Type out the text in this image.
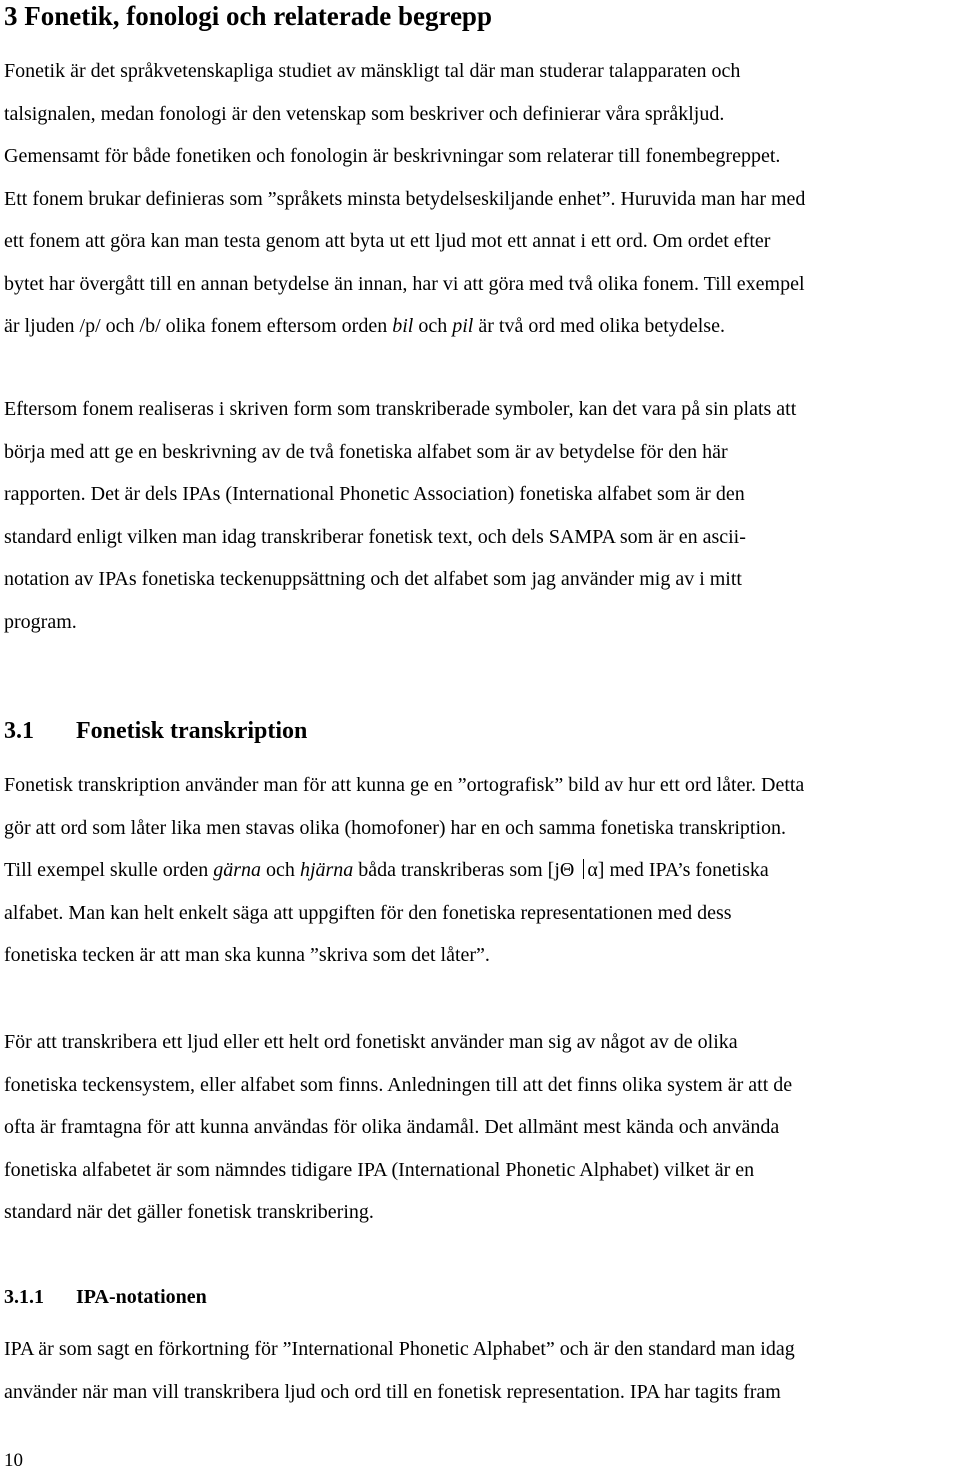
3 Fonetik, fonologi och relaterade begrepp
Fonetik är det språkvetenskapliga studiet av mänskligt tal där man studerar talapparaten och
talsignalen, medan fonologi är den vetenskap som beskriver och definierar våra språkljud.
Gemensamt för både fonetiken och fonologin är beskrivningar som relaterar till fonembegreppet.
Ett fonem brukar definieras som ”språkets minsta betydelseskiljande enhet”. Huruvida man har med
ett fonem att göra kan man testa genom att byta ut ett ljud mot ett annat i ett ord. Om ordet efter
bytet har övergått till en annan betydelse än innan, har vi att göra med två olika fonem. Till exempel
är ljuden /p/ och /b/ olika fonem eftersom orden bil och pil är två ord med olika betydelse.
Eftersom fonem realiseras i skriven form som transkriberade symboler, kan det vara på sin plats att
börja med att ge en beskrivning av de två fonetiska alfabet som är av betydelse för den här
rapporten. Det är dels IPAs (International Phonetic Association) fonetiska alfabet som är den
standard enligt vilken man idag transkriberar fonetisk text, och dels SAMPA som är en ascii-
notation av IPAs fonetiska teckenuppsättning och det alfabet som jag använder mig av i mitt
program.
3.1 Fonetisk transkription
Fonetisk transkription använder man för att kunna ge en ”ortografisk” bild av hur ett ord låter. Detta
gör att ord som låter lika men stavas olika (homofoner) har en och samma fonetiska transkription.
Till exempel skulle orden gärna och hjärna båda transkriberas som [jΘ α] med IPA’s fonetiska
alfabet. Man kan helt enkelt säga att uppgiften för den fonetiska representationen med dess
fonetiska tecken är att man ska kunna ”skriva som det låter”.
För att transkribera ett ljud eller ett helt ord fonetiskt använder man sig av något av de olika
fonetiska teckensystem, eller alfabet som finns. Anledningen till att det finns olika system är att de
ofta är framtagna för att kunna användas för olika ändamål. Det allmänt mest kända och använda
fonetiska alfabetet är som nämndes tidigare IPA (International Phonetic Alphabet) vilket är en
standard när det gäller fonetisk transkribering.
3.1.1 IPA-notationen
IPA är som sagt en förkortning för ”International Phonetic Alphabet” och är den standard man idag
använder när man vill transkribera ljud och ord till en fonetisk representation. IPA har tagits fram
10
